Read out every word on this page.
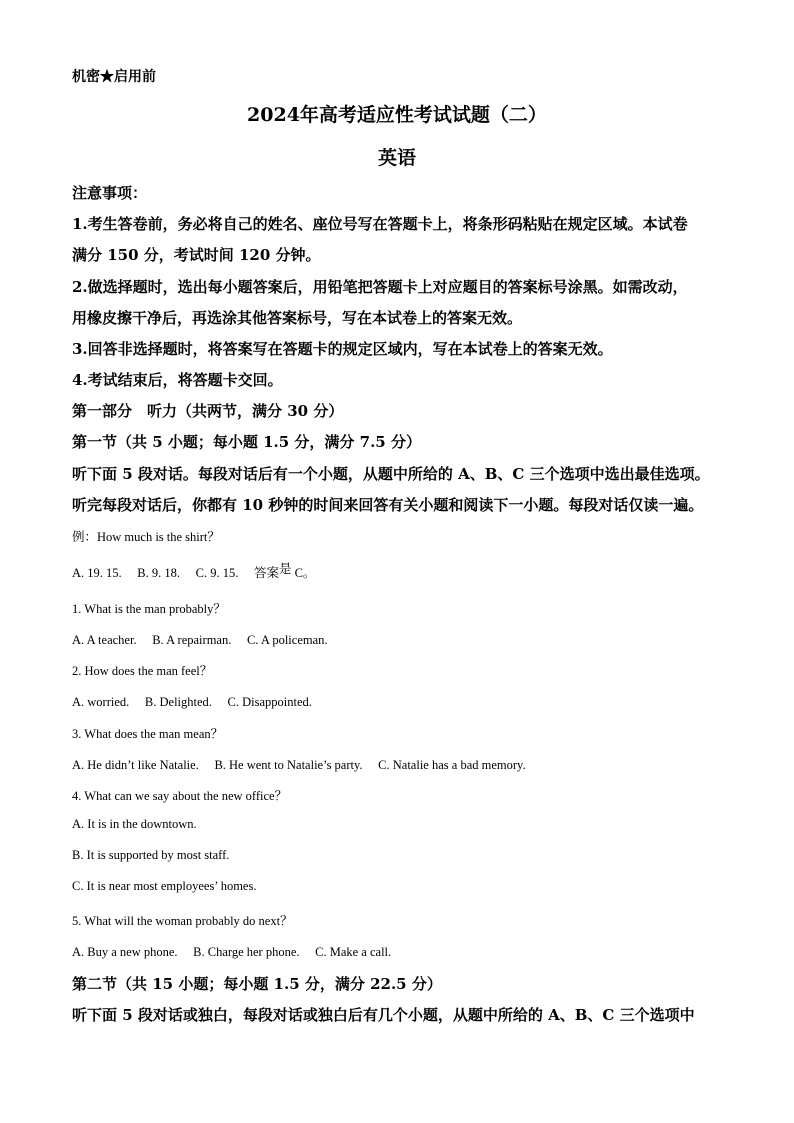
机密★启用前
2024年高考适应性考试试题（二）
英语
注意事项：
1.考生答卷前，务必将自己的姓名、座位号写在答题卡上，将条形码粘贴在规定区域。本试卷
满分 150 分，考试时间 120 分钟。
2.做选择题时，选出每小题答案后，用铅笔把答题卡上对应题目的答案标号涂黑。如需改动，
用橡皮擦干净后，再选涂其他答案标号，写在本试卷上的答案无效。
3.回答非选择题时，将答案写在答题卡的规定区域内，写在本试卷上的答案无效。
4.考试结束后，将答题卡交回。
第一部分　听力（共两节，满分 30 分）
第一节（共 5 小题；每小题 1.5 分，满分 7.5 分）
听下面 5 段对话。每段对话后有一个小题，从题中所给的 A、B、C 三个选项中选出最佳选项。
听完每段对话后，你都有 10 秒钟的时间来回答有关小题和阅读下一小题。每段对话仅读一遍。
例：How much is the shirt？
A. 19. 15.　 B. 9. 18.　 C. 9. 15.　 答案是 C。
1. What is the man probably？
A. A teacher.　 B. A repairman.　 C. A policeman.
2. How does the man feel？
A. worried.　 B. Delighted.　 C. Disappointed.
3. What does the man mean？
A. He didn’t like Natalie.　 B. He went to Natalie’s party.　 C. Natalie has a bad memory.
4. What can we say about the new office？
A. It is in the downtown.
B. It is supported by most staff.
C. It is near most employees’ homes.
5. What will the woman probably do next？
A. Buy a new phone.　 B. Charge her phone.　 C. Make a call.
第二节（共 15 小题；每小题 1.5 分，满分 22.5 分）
听下面 5 段对话或独白，每段对话或独白后有几个小题，从题中所给的 A、B、C 三个选项中
